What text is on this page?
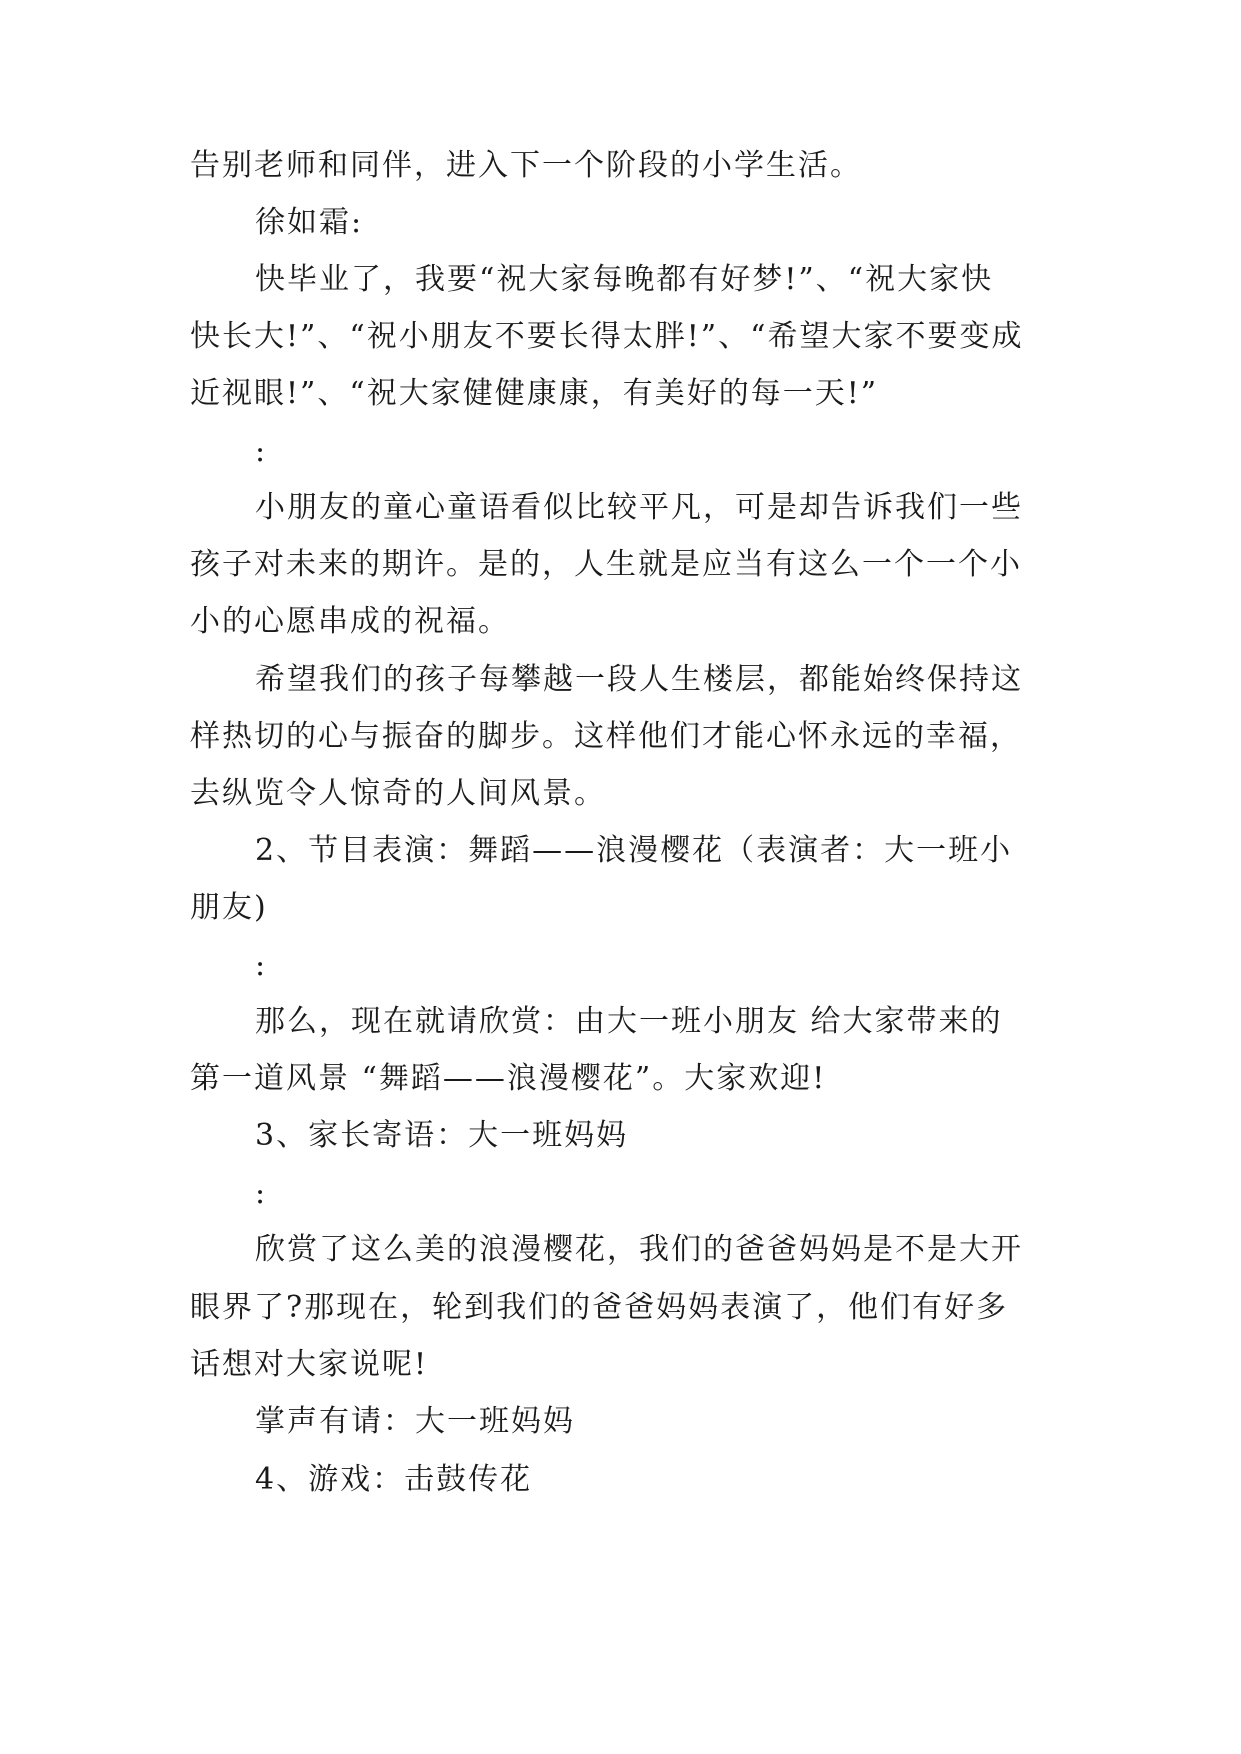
告别老师和同伴，进入下一个阶段的小学生活。
徐如霜:
快毕业了，我要“祝大家每晚都有好梦!”、“祝大家快
快长大!”、“祝小朋友不要长得太胖!”、“希望大家不要变成
近视眼!”、“祝大家健健康康，有美好的每一天!”
:
小朋友的童心童语看似比较平凡，可是却告诉我们一些
孩子对未来的期许。是的，人生就是应当有这么一个一个小
小的心愿串成的祝福。
希望我们的孩子每攀越一段人生楼层，都能始终保持这
样热切的心与振奋的脚步。这样他们才能心怀永远的幸福，
去纵览令人惊奇的人间风景。
2、节目表演：舞蹈——浪漫樱花（表演者：大一班小
朋友)
:
那么，现在就请欣赏：由大一班小朋友 给大家带来的
第一道风景 “舞蹈——浪漫樱花”。大家欢迎!
3、家长寄语：大一班妈妈
:
欣赏了这么美的浪漫樱花，我们的爸爸妈妈是不是大开
眼界了?那现在，轮到我们的爸爸妈妈表演了，他们有好多
话想对大家说呢!
掌声有请：大一班妈妈
4、游戏：击鼓传花
